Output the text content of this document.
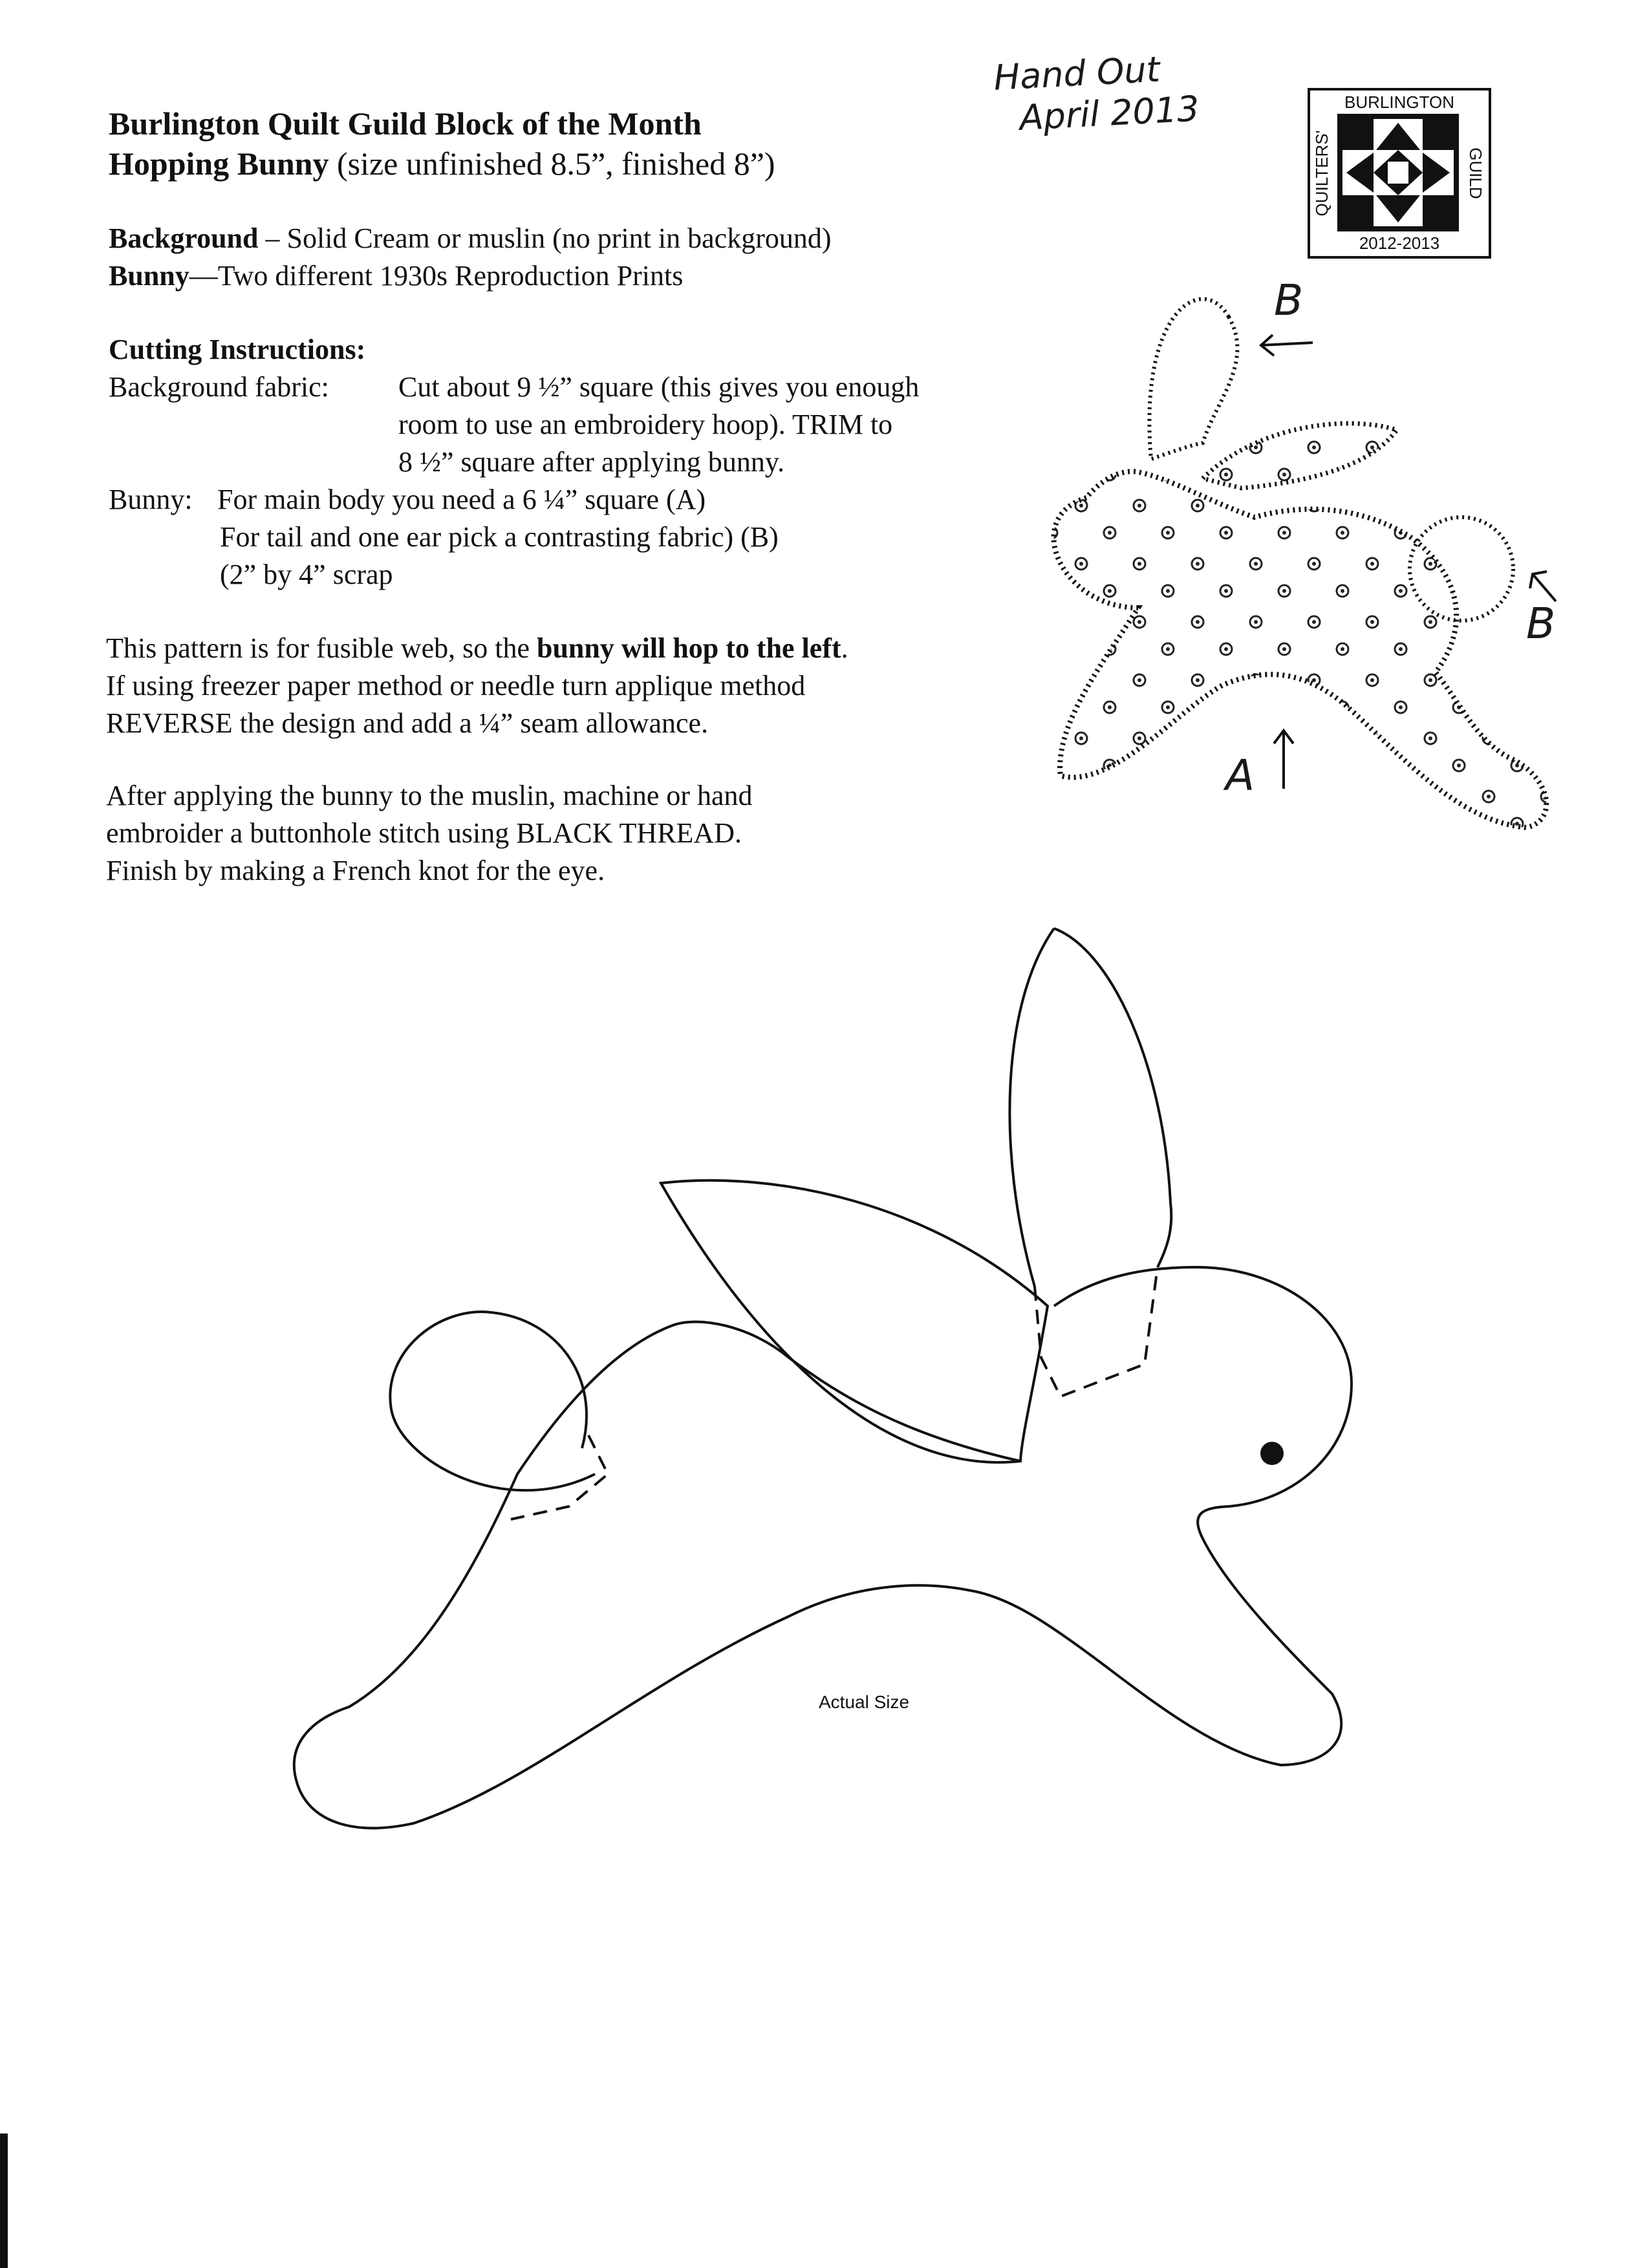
Burlington Quilt Guild Block of the Month
Hopping Bunny (size unfinished 8.5”, finished 8”)
Hand Out
April 2013	BURLINGTON
2012-2013
QUILTERS'	GUILD
Background – Solid Cream or muslin (no print in background)
Bunny—Two different 1930s Reproduction Prints
Cutting Instructions:
Background fabric: Cut about 9 ½” square (this gives you enough
room to use an embroidery hoop). TRIM to
8 ½” square after applying bunny.
Bunny: For main body you need a 6 ¼” square (A)
For tail and one ear pick a contrasting fabric) (B)
(2” by 4” scrap
This pattern is for fusible web, so the bunny will hop to the left.
If using freezer paper method or needle turn applique method
REVERSE the design and add a ¼” seam allowance.
After applying the bunny to the muslin, machine or hand
embroider a buttonhole stitch using BLACK THREAD.
Finish by making a French knot for the eye.
B
B
A
Actual Size
